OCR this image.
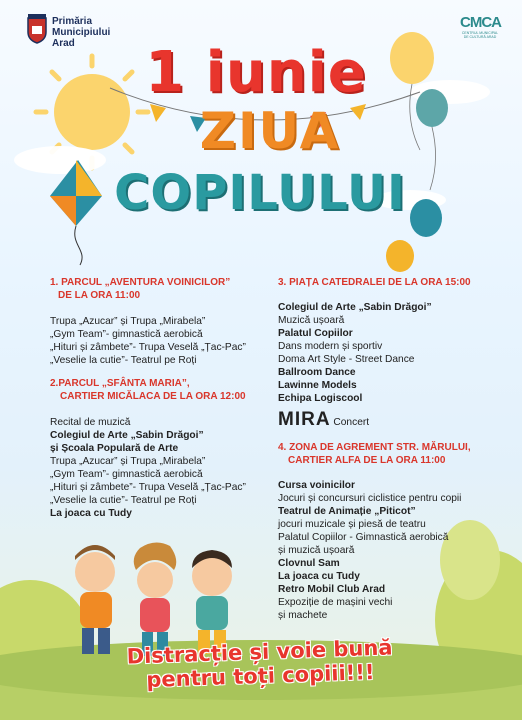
Primăria
Municipiului
Arad
CMCA
CENTRUL MUNICIPAL DE CULTURĂ ARAD
1 iunie
ZIUA
COPILULUI
1. PARCUL „AVENTURA VOINICILOR”
DE LA ORA 11:00
Trupa „Azucar” și Trupa „Mirabela”
„Gym Team”- gimnastică aerobică
„Hituri și zâmbete”- Trupa Veselă „Țac-Pac”
„Veselie la cutie”- Teatrul pe Roți
2.PARCUL „SFÂNTA MARIA”,
CARTIER MICĂLACA DE LA ORA 12:00
Recital de muzică
Colegiul de Arte „Sabin Drăgoi”
și Școala Populară de Arte
Trupa „Azucar” și Trupa „Mirabela”
„Gym Team”- gimnastică aerobică
„Hituri și zâmbete”- Trupa Veselă „Țac-Pac”
„Veselie la cutie”- Teatrul pe Roți
La joaca cu Tudy
3. PIAȚA CATEDRALEI DE LA ORA 15:00
Colegiul de Arte „Sabin Drăgoi”
Muzică ușoară
Palatul Copiilor
Dans modern și sportiv
Doma Art Style - Street Dance
Ballroom Dance
Lawinne Models
Echipa Logiscool
MIRA Concert
4. ZONA DE AGREMENT STR. MĂRULUI,
CARTIER ALFA DE LA ORA 11:00
Cursa voinicilor
Jocuri și concursuri ciclistice pentru copii
Teatrul de Animație „Piticot”
jocuri muzicale și piesă de teatru
Palatul Copiilor - Gimnastică aerobică
și muzică ușoară
Clovnul Sam
La joaca cu Tudy
Retro Mobil Club Arad
Expoziție de mașini vechi
și machete
Distracție și voie bună
pentru toți copiii!!!
